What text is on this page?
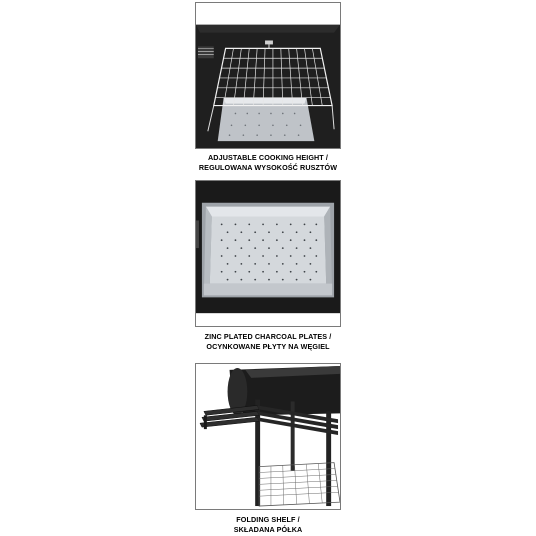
ADJUSTABLE COOKING HEIGHT /
REGULOWANA WYSOKOŚĆ RUSZTÓW
ZINC PLATED CHARCOAL PLATES /
OCYNKOWANE PŁYTY NA WĘGIEL
FOLDING SHELF /
SKŁADANA PÓŁKA
